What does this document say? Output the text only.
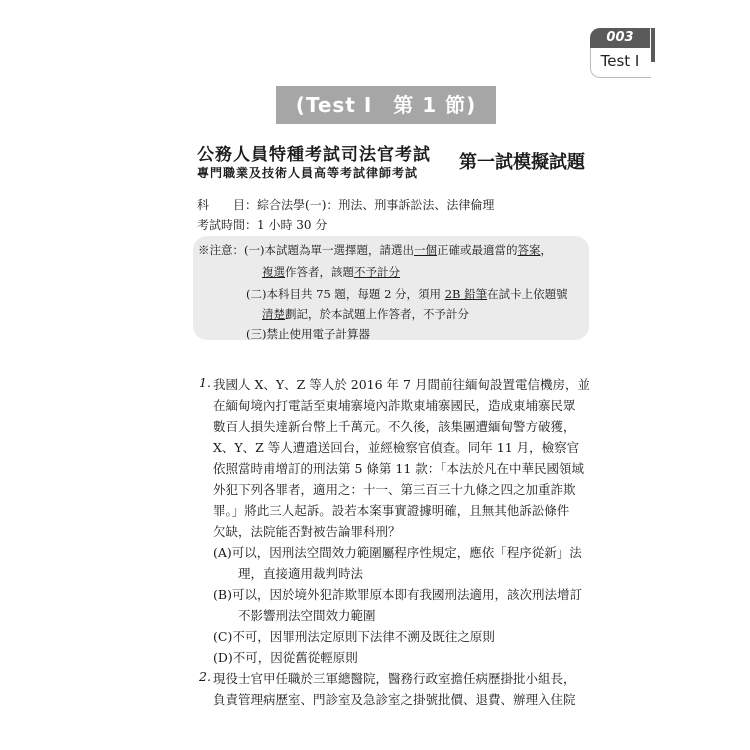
003
Test Ⅰ
(Test Ⅰ　第 1 節)
公務人員特種考試司法官考試
專門職業及技術人員高等考試律師考試 第一試模擬試題
科　　目：綜合法學(一)：刑法、刑事訴訟法、法律倫理
考試時間：1 小時 30 分
※注意：(一)本試題為單一選擇題，請選出一個正確或最適當的答案，
複選作答者，該題不予計分
(二)本科目共 75 題，每題 2 分，須用 2B 鉛筆在試卡上依題號
清楚劃記，於本試題上作答者，不予計分
(三)禁止使用電子計算器
1. 我國人 X、Y、Z 等人於 2016 年 7 月間前往緬甸設置電信機房，並
在緬甸境內打電話至東埔寨境內詐欺東埔寨國民，造成東埔寨民眾
數百人損失達新台幣上千萬元。不久後，該集團遭緬甸警方破獲，
X、Y、Z 等人遭遣送回台，並經檢察官偵查。同年 11 月，檢察官
依照當時甫增訂的刑法第 5 條第 11 款：「本法於凡在中華民國領域
外犯下列各罪者，適用之：十一、第三百三十九條之四之加重詐欺
罪。」將此三人起訴。設若本案事實證據明確，且無其他訴訟條件
欠缺，法院能否對被告論罪科刑？
(A)可以，因刑法空間效力範圍屬程序性規定，應依「程序從新」法
　　理，直接適用裁判時法
(B)可以，因於境外犯詐欺罪原本即有我國刑法適用，該次刑法增訂
　　不影響刑法空間效力範圍
(C)不可，因罪刑法定原則下法律不溯及既往之原則
(D)不可，因從舊從輕原則
2. 現役士官甲任職於三軍總醫院，醫務行政室擔任病歷掛批小組長，
負責管理病歷室、門診室及急診室之掛號批價、退費、辦理入住院
